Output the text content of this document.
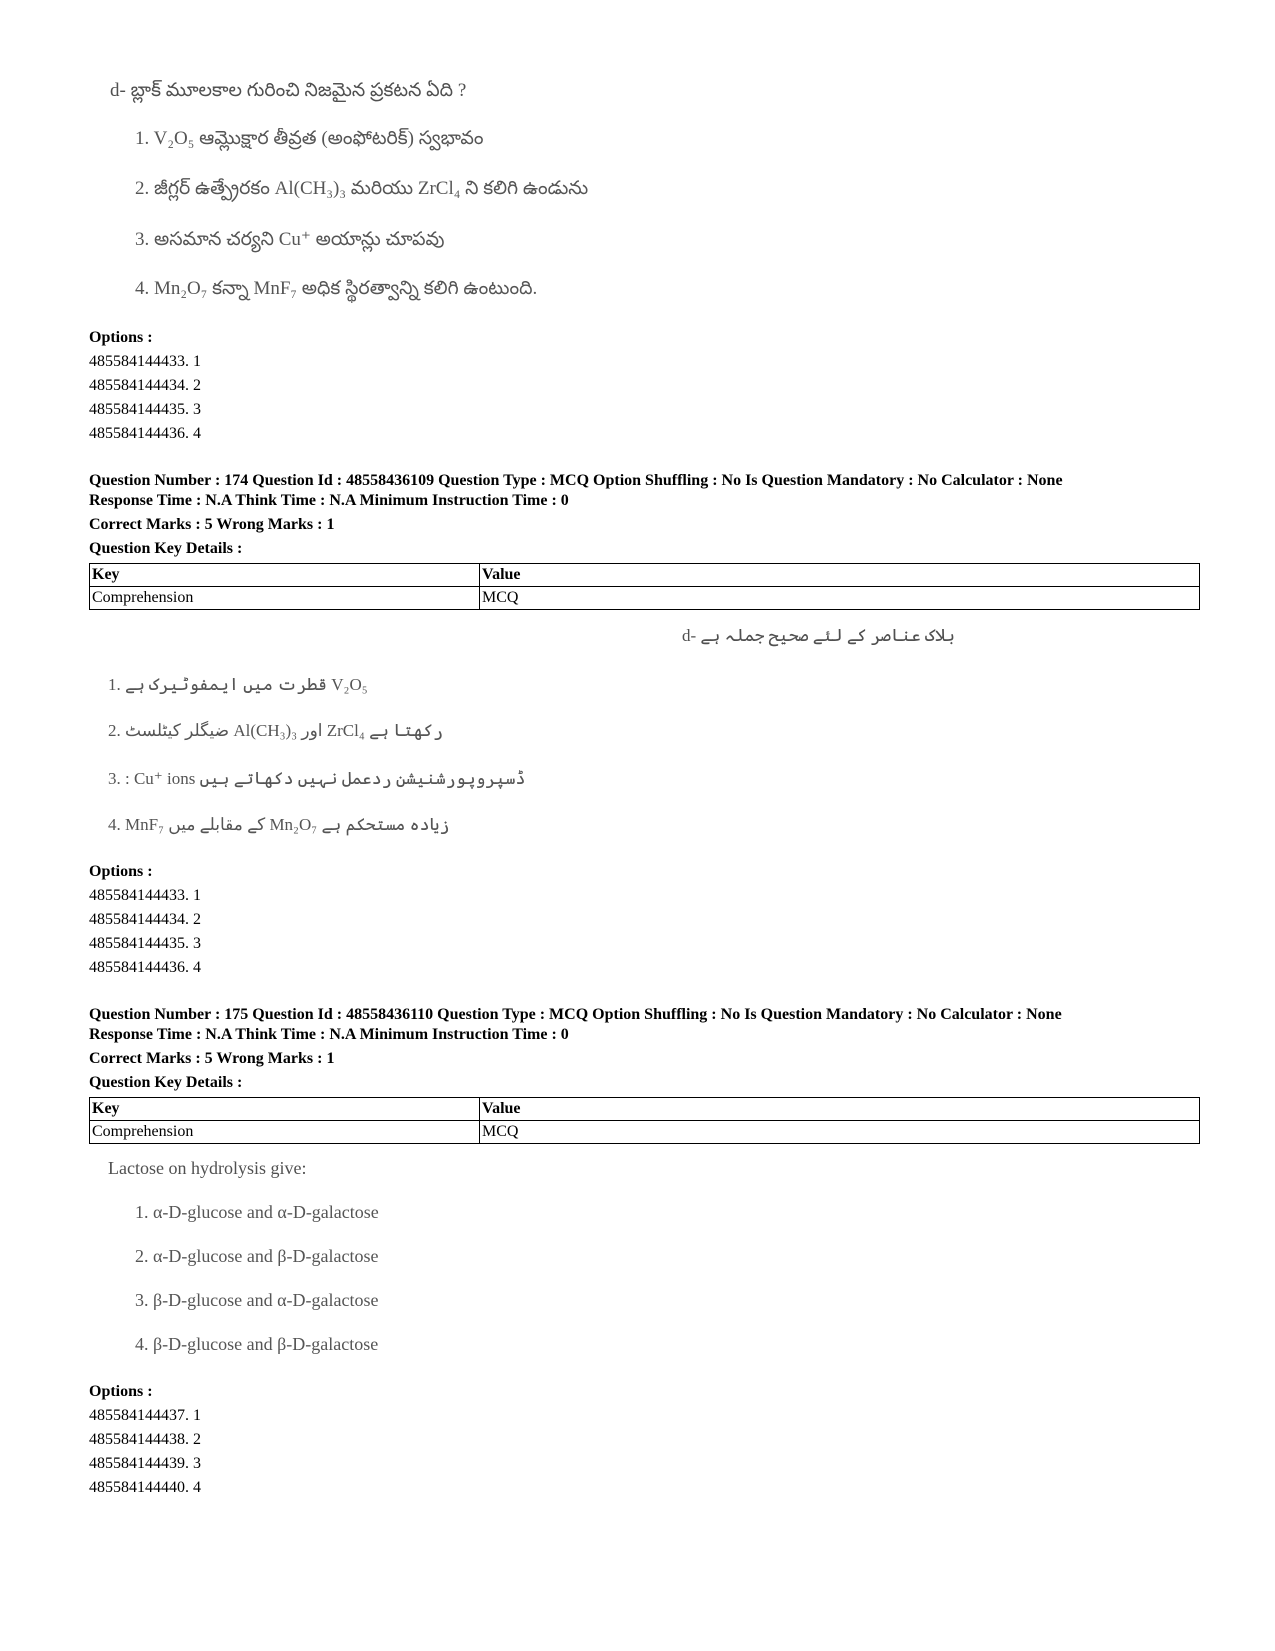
d- బ్లాక్ మూలకాల గురించి నిజమైన ప్రకటన ఏది ?
1. V₂O₅ ఆమ్లొక్షార తీవ్రత (అంఫోటరిక్) స్వభావం
2. జీగ్లర్ ఉత్ప్రేరకం Al(CH₃)₃ మరియు ZrCl₄ ని కలిగి ఉండును
3. అసమాన చర్యని Cu⁺ అయాన్లు చూపవు
4. Mn₂O₇ కన్నా MnF₇ అధిక స్థిరత్వాన్ని కలిగి ఉంటుంది.
Options :
485584144433. 1
485584144434. 2
485584144435. 3
485584144436. 4
Question Number : 174 Question Id : 48558436109 Question Type : MCQ Option Shuffling : No Is Question Mandatory : No Calculator : None
Response Time : N.A Think Time : N.A Minimum Instruction Time : 0
Correct Marks : 5 Wrong Marks : 1
Question Key Details :
Key	Value
Comprehension	MCQ
d- بلاک عناصر کے لئے صحیح جملہ ہے
1. قطرت میں ایمفوٹیرک ہے V₂O₅
2. ضیگلر کیٹلسٹ Al(CH₃)₃ اور ZrCl₄ رکھتا ہے
3. : Cu⁺ ions ڈسپروپورشنیشن ردعمل نہیں دکھاتے ہیں
4. MnF₇ کے مقابلے میں Mn₂O₇ زیادہ مستحکم ہے
Options :
485584144433. 1
485584144434. 2
485584144435. 3
485584144436. 4
Question Number : 175 Question Id : 48558436110 Question Type : MCQ Option Shuffling : No Is Question Mandatory : No Calculator : None
Response Time : N.A Think Time : N.A Minimum Instruction Time : 0
Correct Marks : 5 Wrong Marks : 1
Question Key Details :
Key	Value
Comprehension	MCQ
Lactose on hydrolysis give:
1. α-D-glucose and α-D-galactose
2. α-D-glucose and β-D-galactose
3. β-D-glucose and α-D-galactose
4. β-D-glucose and β-D-galactose
Options :
485584144437. 1
485584144438. 2
485584144439. 3
485584144440. 4
